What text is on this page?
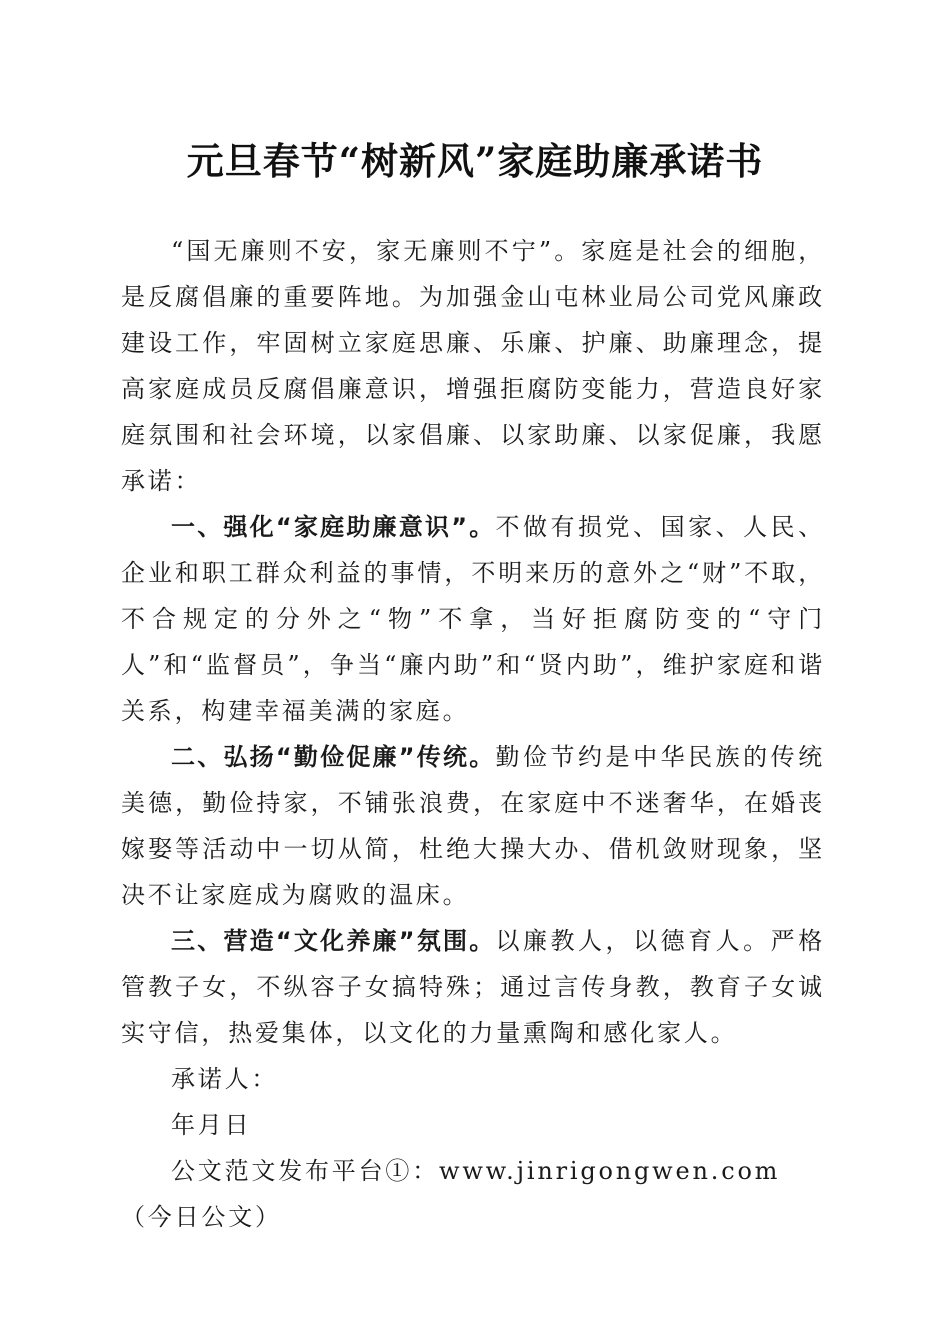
元旦春节“树新风”家庭助廉承诺书

“国无廉则不安，家无廉则不宁”。家庭是社会的细胞，是反腐倡廉的重要阵地。为加强金山屯林业局公司党风廉政建设工作，牢固树立家庭思廉、乐廉、护廉、助廉理念，提高家庭成员反腐倡廉意识，增强拒腐防变能力，营造良好家庭氛围和社会环境，以家倡廉、以家助廉、以家促廉，我愿承诺：

一、强化“家庭助廉意识”。不做有损党、国家、人民、企业和职工群众利益的事情，不明来历的意外之“财”不取，不合规定的分外之“物”不拿，当好拒腐防变的“守门人”和“监督员”，争当“廉内助”和“贤内助”，维护家庭和谐关系，构建幸福美满的家庭。

二、弘扬“勤俭促廉”传统。勤俭节约是中华民族的传统美德，勤俭持家，不铺张浪费，在家庭中不迷奢华，在婚丧嫁娶等活动中一切从简，杜绝大操大办、借机敛财现象，坚决不让家庭成为腐败的温床。

三、营造“文化养廉”氛围。以廉教人，以德育人。严格管教子女，不纵容子女搞特殊；通过言传身教，教育子女诚实守信，热爱集体，以文化的力量熏陶和感化家人。

承诺人：

年月日

公文范文发布平台①：www.jinrigongwen.com（今日公文）
